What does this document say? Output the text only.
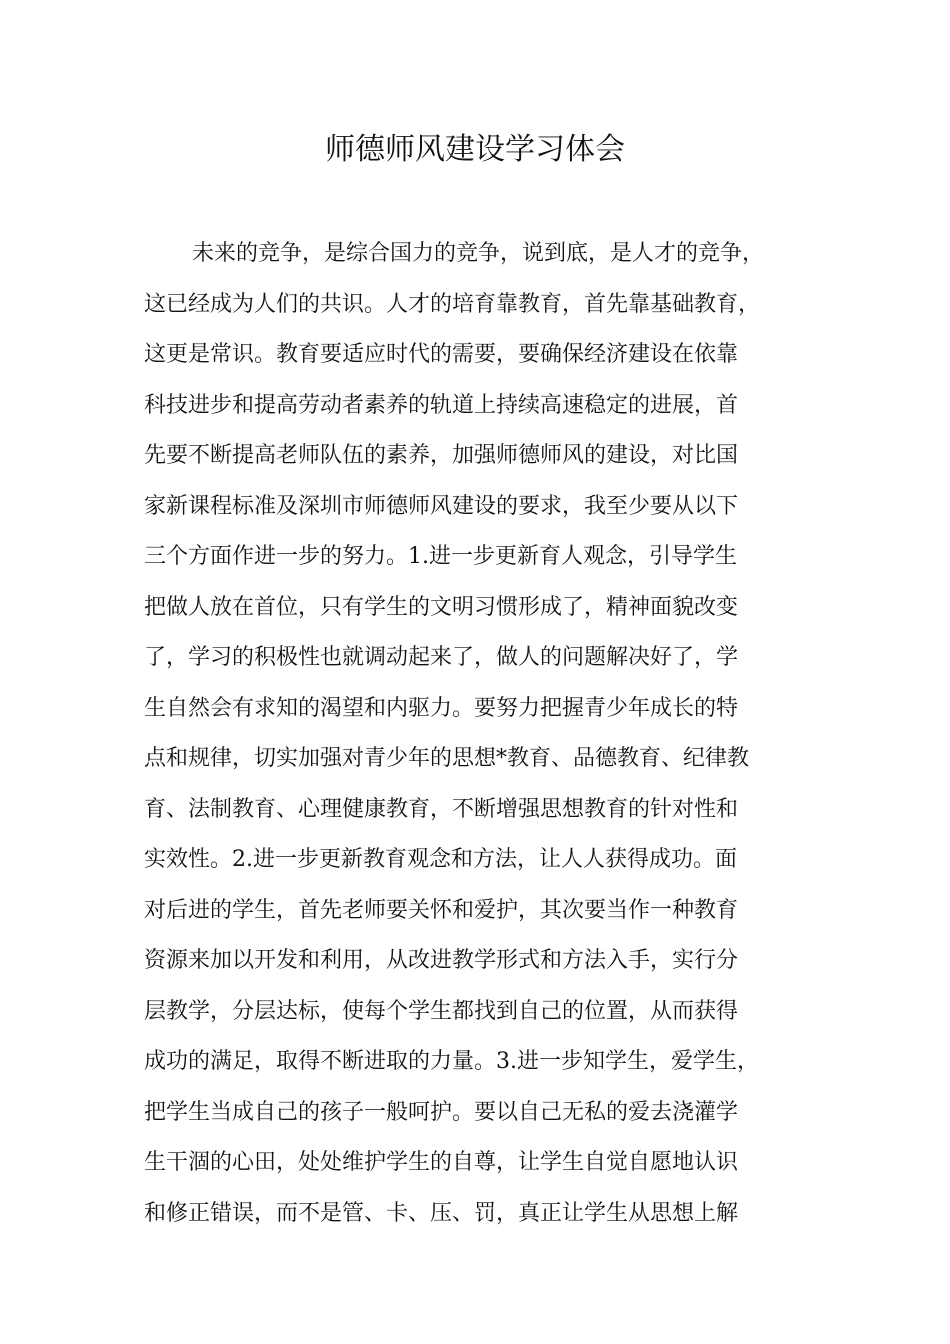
师德师风建设学习体会
未来的竞争，是综合国力的竞争，说到底，是人才的竞争，
这已经成为人们的共识。人才的培育靠教育，首先靠基础教育，
这更是常识。教育要适应时代的需要，要确保经济建设在依靠
科技进步和提高劳动者素养的轨道上持续高速稳定的进展，首
先要不断提高老师队伍的素养，加强师德师风的建设，对比国
家新课程标准及深圳市师德师风建设的要求，我至少要从以下
三个方面作进一步的努力。1.进一步更新育人观念，引导学生
把做人放在首位，只有学生的文明习惯形成了，精神面貌改变
了，学习的积极性也就调动起来了，做人的问题解决好了，学
生自然会有求知的渴望和内驱力。要努力把握青少年成长的特
点和规律，切实加强对青少年的思想*教育、品德教育、纪律教
育、法制教育、心理健康教育，不断增强思想教育的针对性和
实效性。2.进一步更新教育观念和方法，让人人获得成功。面
对后进的学生，首先老师要关怀和爱护，其次要当作一种教育
资源来加以开发和利用，从改进教学形式和方法入手，实行分
层教学，分层达标，使每个学生都找到自己的位置，从而获得
成功的满足，取得不断进取的力量。3.进一步知学生，爱学生，
把学生当成自己的孩子一般呵护。要以自己无私的爱去浇灌学
生干涸的心田，处处维护学生的自尊，让学生自觉自愿地认识
和修正错误，而不是管、卡、压、罚，真正让学生从思想上解
